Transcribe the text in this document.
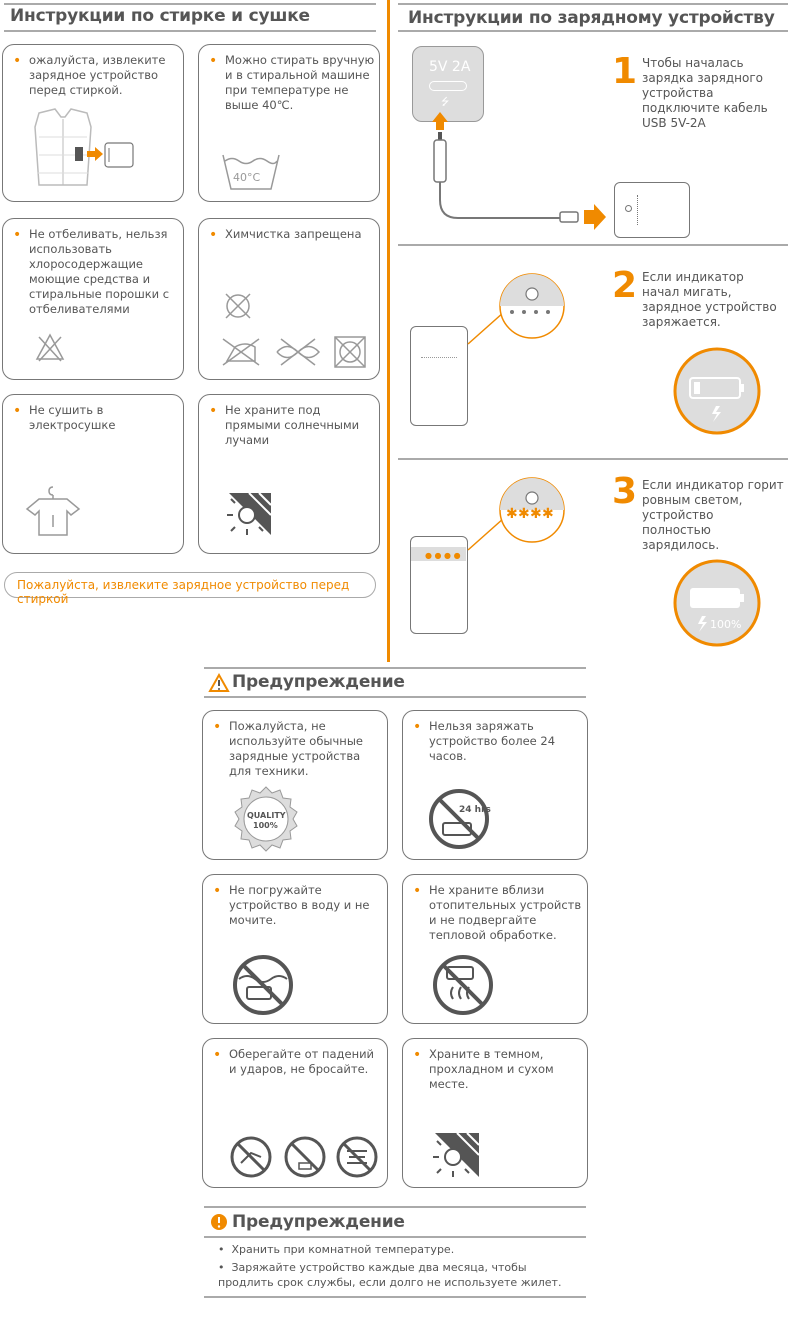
Инструкции по стирке и сушке
• ожалуйста, извлеките зарядное устройство перед стиркой.
• Можно стирать вручную и в стиральной машине при температуре не выше 40℃.
40°C
• Не отбеливать, нельзя использовать хлоросодержащие моющие средства и стиральные порошки с отбеливателями
• Химчистка запрещена
• Не сушить в электросушке
• Не храните под прямыми солнечными лучами
Пожалуйста, извлеките зарядное устройство перед стиркой
Инструкции по зарядному устройству
5V 2A
⭍
1 Чтобы началась зарядка зарядного устройства подключите кабель USB 5V-2A
2 Если индикатор начал мигать, зарядное устройство заряжается.
● ● ● ●
✱ ✱ ✱ ✱
3 Если индикатор горит ровным светом, устройство полностью зарядилось.
100%
Предупреждение
• Пожалуйста, не используйте обычные зарядные устройства для техники.
QUALITY
100%
• Нельзя заряжать устройство более 24 часов.
24 hrs
• Не погружайте устройство в воду и не мочите.
• Не храните вблизи отопительных устройств и не подвергайте тепловой обработке.
• Оберегайте от падений и ударов, не бросайте.
• Храните в темном, прохладном и сухом месте.
Предупреждение
•  Хранить при комнатной температуре.
•  Заряжайте устройство каждые два месяца, чтобы продлить срок службы, если долго не используете жилет.
